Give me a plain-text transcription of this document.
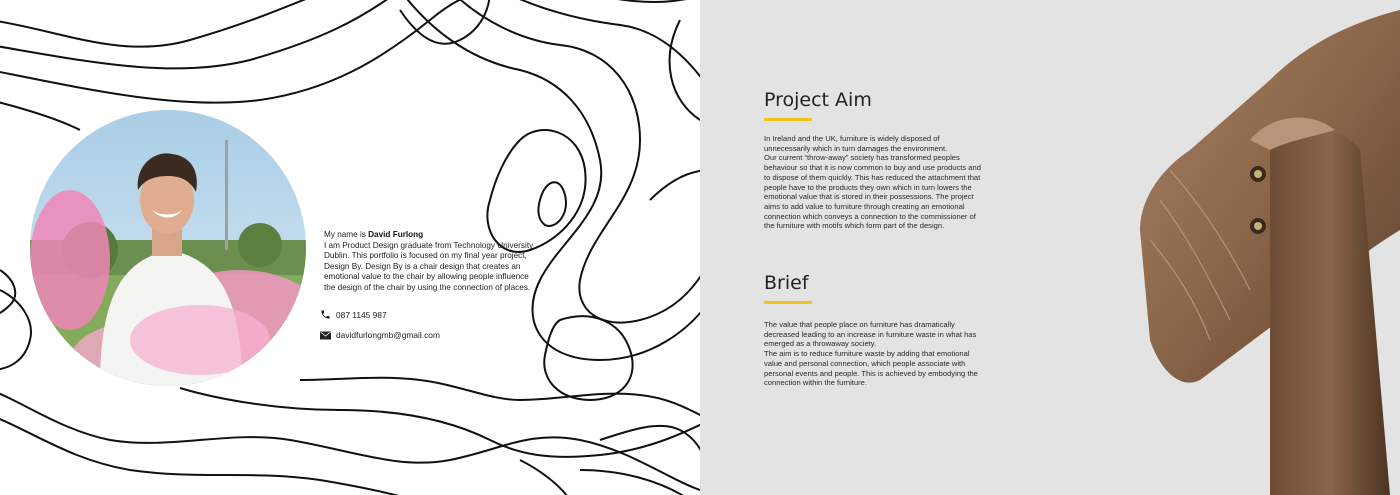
My name is David Furlong
I am Product Design graduate from Technology University Dublin. This portfolio is focused on my final year project, Design By. Design By is a chair design that creates an emotional value to the chair by allowing people influence the design of the chair by using the connection of places.
087 1145 987
davidfurlongmb@gmail.com
Project Aim

In Ireland and the UK, furniture is widely disposed of unnecessarily which in turn damages the environment.
Our current “throw-away” society has transformed peoples behaviour so that it is now common to buy and use products and to dispose of them quickly. This has reduced the attachment that people have to the products they own which in turn lowers the emotional value that is stored in their possessions. The project aims to add value to furniture through creating an emotional connection which conveys a connection to the commissioner of the furniture with motifs which form part of the design.

Brief

The value that people place on furniture has dramatically decreased leading to an increase in furniture waste in what has emerged as a throwaway society.
The aim is to reduce furniture waste by adding that emotional value and personal connection, which people associate with personal events and people. This is achieved by embodying the connection within the furniture.
